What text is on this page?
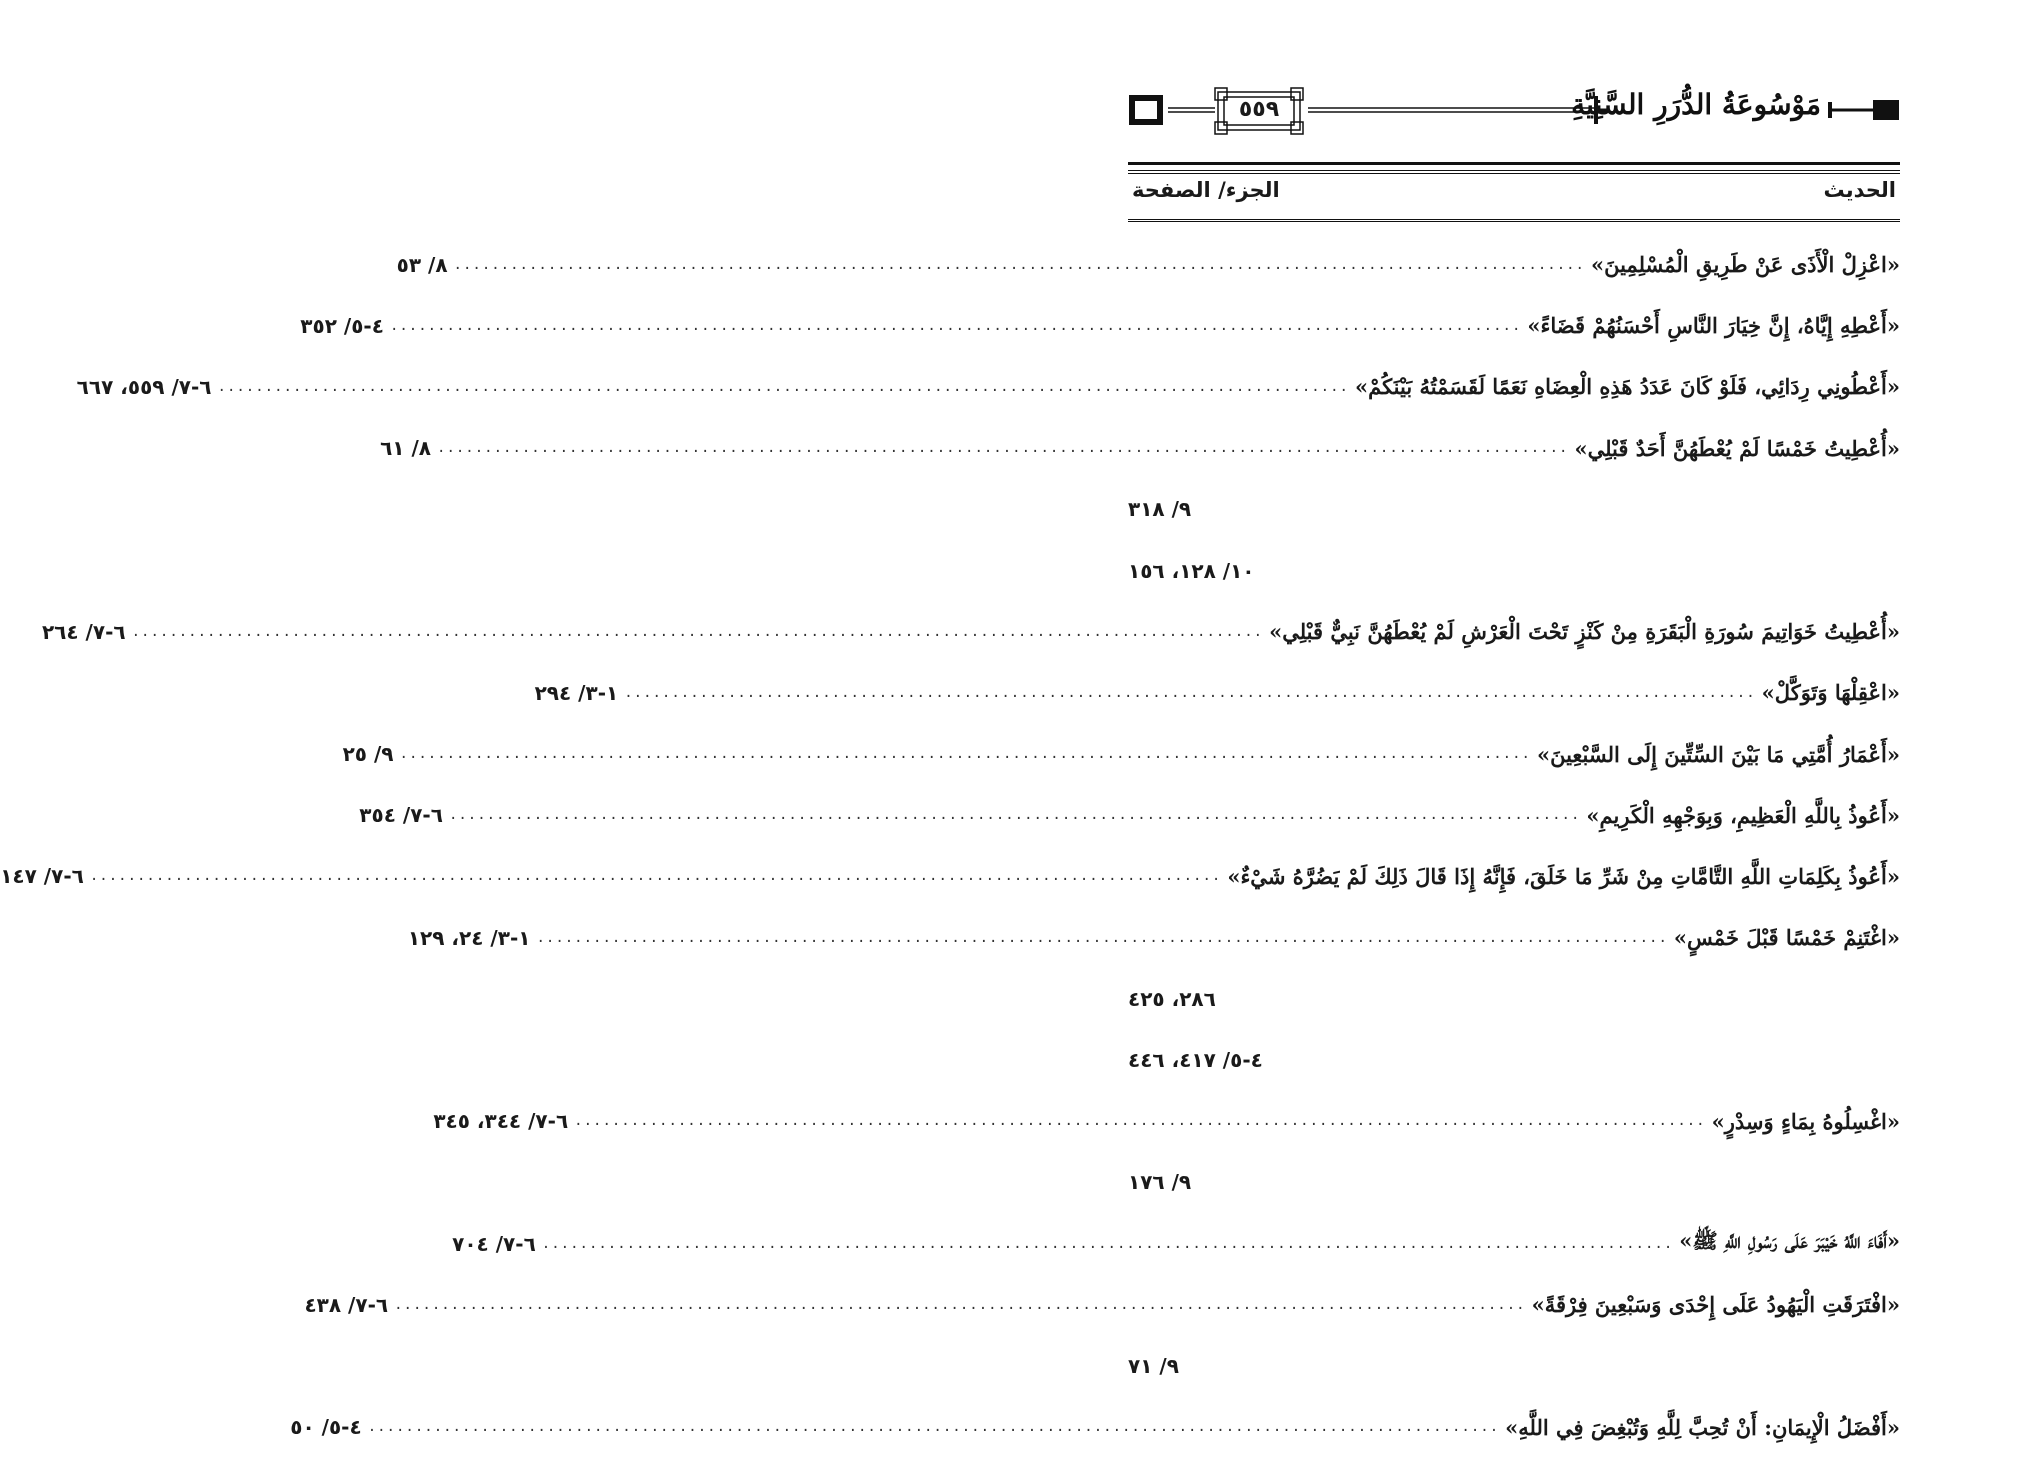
مَوْسُوعَةُ الدُّرَرِ السَّنِيَّةِ
٥٥٩
الحديث
الجزء/ الصفحة
«اعْزِلْ الْأَذَى عَنْ طَرِيقِ الْمُسْلِمِينَ»
........................................................................................................................
٨/ ٥٣
«أَعْطِهِ إِيَّاهُ، إِنَّ خِيَارَ النَّاسِ أَحْسَنُهُمْ قَضَاءً»
........................................................................................................................
٤-٥/ ٣٥٢
«أَعْطُونِي رِدَائِي، فَلَوْ كَانَ عَدَدُ هَذِهِ الْعِضَاهِ نَعَمًا لَقَسَمْتُهُ بَيْنَكُمْ»
........................................................................................................................
٦-٧/ ٥٥٩، ٦٦٧
«أُعْطِيتُ خَمْسًا لَمْ يُعْطَهُنَّ أَحَدٌ قَبْلِي»
........................................................................................................................
٨/ ٦١
٩/ ٣١٨
١٠/ ١٢٨، ١٥٦
«أُعْطِيتُ خَوَاتِيمَ سُورَةِ الْبَقَرَةِ مِنْ كَنْزٍ تَحْتَ الْعَرْشِ لَمْ يُعْطَهُنَّ نَبِيٌّ قَبْلِي»
........................................................................................................................
٦-٧/ ٢٦٤
«اعْقِلْهَا وَتَوَكَّلْ»
........................................................................................................................
١-٣/ ٢٩٤
«أَعْمَارُ أُمَّتِي مَا بَيْنَ السِّتِّينَ إِلَى السَّبْعِينَ»
........................................................................................................................
٩/ ٢٥
«أَعُوذُ بِاللَّهِ الْعَظِيمِ، وَبِوَجْهِهِ الْكَرِيمِ»
........................................................................................................................
٦-٧/ ٣٥٤
«أَعُوذُ بِكَلِمَاتِ اللَّهِ التَّامَّاتِ مِنْ شَرِّ مَا خَلَقَ، فَإِنَّهُ إِذَا قَالَ ذَلِكَ لَمْ يَضُرَّهُ شَيْءٌ»
........................................................................................................................
٦-٧/ ١٤٧
«اغْتَنِمْ خَمْسًا قَبْلَ خَمْسٍ»
........................................................................................................................
١-٣/ ٢٤، ١٢٩
٢٨٦، ٤٢٥
٤-٥/ ٤١٧، ٤٤٦
«اغْسِلُوهُ بِمَاءٍ وَسِدْرٍ»
........................................................................................................................
٦-٧/ ٣٤٤، ٣٤٥
٩/ ١٧٦
«أَفَاءَ اللَّهُ خَيْبَرَ عَلَى رَسُولِ اللَّهِ ﷺ»
........................................................................................................................
٦-٧/ ٧٠٤
«افْتَرَقَتِ الْيَهُودُ عَلَى إِحْدَى وَسَبْعِينَ فِرْقَةً»
........................................................................................................................
٦-٧/ ٤٣٨
٩/ ٧١
«أَفْضَلُ الْإِيمَانِ: أَنْ تُحِبَّ لِلَّهِ وَتُبْغِضَ فِي اللَّهِ»
........................................................................................................................
٤-٥/ ٥٠
